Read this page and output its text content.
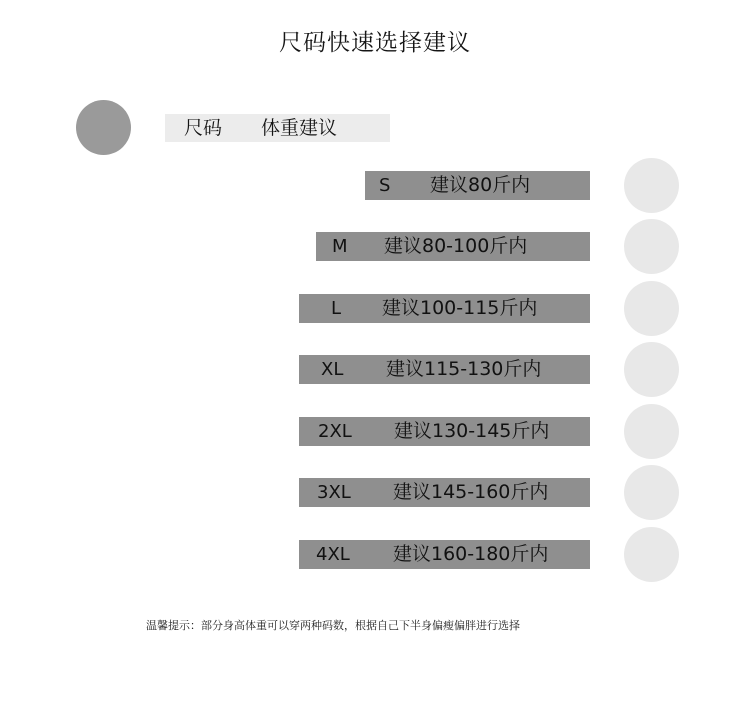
尺码快速选择建议
尺码 体重建议
S 建议80斤内
M 建议80-100斤内
L 建议100-115斤内
XL 建议115-130斤内
2XL 建议130-145斤内
3XL 建议145-160斤内
4XL 建议160-180斤内
温馨提示：部分身高体重可以穿两种码数，根据自己下半身偏瘦偏胖进行选择
